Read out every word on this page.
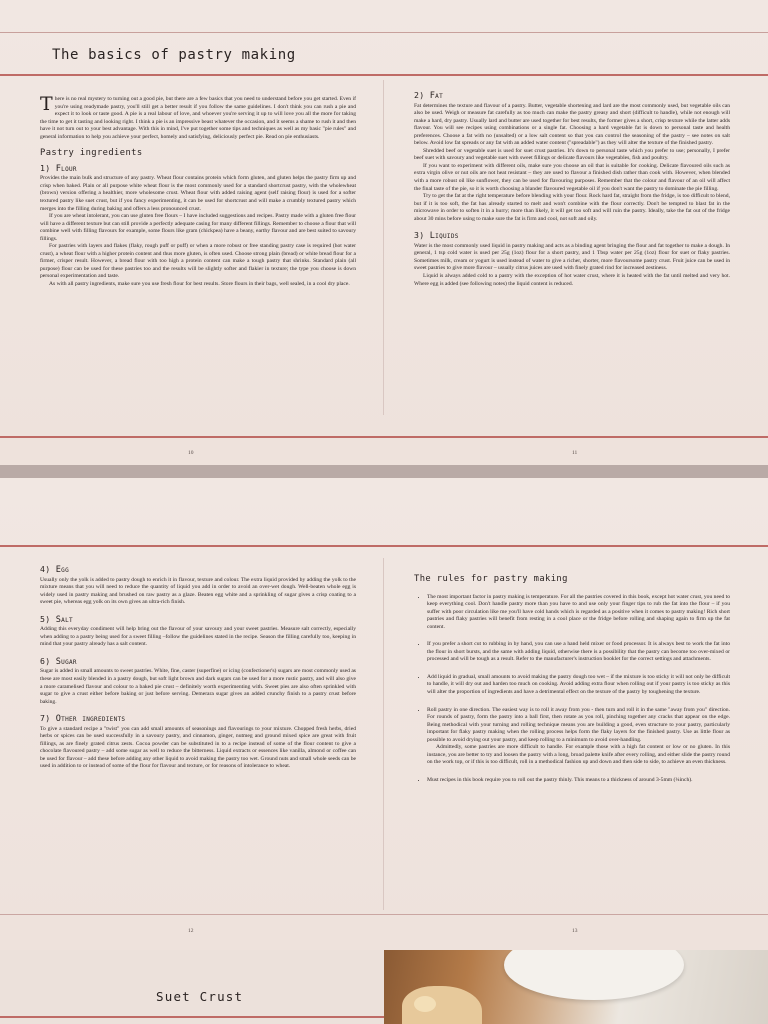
The basics of pastry making

There is no real mystery to turning out a good pie, but there are a few basics that you need to understand before you get started. Even if you're using readymade pastry, you'll still get a better result if you follow the same guidelines. I don't think you can rush a pie and expect it to look or taste good. A pie is a real labour of love, and whoever you're serving it up to will love you all the more for taking the time to get it tasting and looking right. I think a pie is an impressive beast whatever the occasion, and it seems a shame to rush it and then have it not turn out to your best advantage. With this in mind, I've put together some tips and techniques as well as my basic "pie rules" and general information to help you achieve your perfect, homely and satisfying, deliciously perfect pie. Read on pie enthusiasts.

Pastry ingredients
1) Flour

Provides the main bulk and structure of any pastry. Wheat flour contains protein which form gluten, and gluten helps the pastry firm up and crisp when baked. Plain or all purpose white wheat flour is the most commonly used for a standard shortcrust pastry, with the wholewheat (brown) version offering a healthier, more wholesome crust. Wheat flour with added raising agent (self raising flour) is used for a softer textured pastry like suet crust, but if you fancy experimenting, it can be used for shortcrust and will make a crumbly textured pastry which merges into the filling during baking and offers a less pronounced crust.

If you are wheat intolerant, you can use gluten free flours – I have included suggestions and recipes. Pastry made with a gluten free flour will have a different texture but can still provide a perfectly adequate casing for many different fillings. Remember to choose a flour that will combine well with filling flavours for example, some flours like gram (chickpea) have a beany, earthy flavour and are best suited to savoury fillings.

For pastries with layers and flakes (flaky, rough puff or puff) or when a more robust or free standing pastry case is required (hot water crust), a wheat flour with a higher protein content and thus more gluten, is often used. Choose strong plain (bread) or white bread flour for a firmer, crisper result. However, a bread flour with too high a protein content can make a tough pastry that shrinks. Standard plain (all purpose) flour can be used for these pastries too and the results will be slightly softer and flakier in texture; the type you choose is down personal experimentation and taste.

As with all pastry ingredients, make sure you use fresh flour for best results. Store flours in their bags, well sealed, in a cool dry place.

2) Fat

Fat determines the texture and flavour of a pastry. Butter, vegetable shortening and lard are the most commonly used, but vegetable oils can also be used. Weigh or measure fat carefully as too much can make the pastry greasy and short (difficult to handle), while not enough will make a hard, dry pastry. Usually lard and butter are used together for best results, the former gives a short, crisp texture while the latter adds flavour. You will see recipes using combinations or a single fat. Choosing a hard vegetable fat is down to personal taste and health preferences. Choose a fat with no (unsalted) or a low salt content so that you can control the seasoning of the pastry – see notes on salt below. Avoid low fat spreads or any fat with an added water content ("spreadable") as they will alter the texture of the finished pastry.

Shredded beef or vegetable suet is used for suet crust pastries. It's down to personal taste which you prefer to use; personally, I prefer beef suet with savoury and vegetable suet with sweet fillings or delicate flavours like vegetables, fish and poultry.

If you want to experiment with different oils, make sure you choose an oil that is suitable for cooking. Delicate flavoured oils such as extra virgin olive or nut oils are not heat resistant – they are used to flavour a finished dish rather than cook with. However, when blended with a more robust oil like sunflower, they can be used for flavouring purposes. Remember that the colour and flavour of an oil will affect the final taste of the pie, so it is worth choosing a blander flavoured vegetable oil if you don't want the pastry to dominate the pie filling.

Try to get the fat at the right temperature before blending with your flour. Rock hard fat, straight from the fridge, is too difficult to blend, but if it is too soft, the fat has already started to melt and won't combine with the flour correctly. Don't be tempted to blast fat in the microwave in order to soften it in a hurry; more than likely, it will get too soft and will ruin the pastry. Ideally, take the fat out of the fridge about 30 mins before using to make sure the fat is firm and cool, not soft and oily.

3) Liquids

Water is the most commonly used liquid in pastry making and acts as a binding agent bringing the flour and fat together to make a dough. In general, 1 tsp cold water is used per 25g (1oz) flour for a short pastry, and 1 Tbsp water per 25g (1oz) flour for suet or flaky pastries. Sometimes milk, cream or yogurt is used instead of water to give a richer, shorter, more flavoursome pastry crust. Fruit juice can be used in sweet pastries to give more flavour – usually citrus juices are used with finely grated rind for increased zestiness.

Liquid is always added cold to a pastry with the exception of hot water crust, where it is heated with the fat until melted and very hot. Where egg is added (see following notes) the liquid content is reduced.

10	11
4) Egg

Usually only the yolk is added to pastry dough to enrich it in flavour, texture and colour. The extra liquid provided by adding the yolk to the mixture means that you will need to reduce the quantity of liquid you add in order to avoid an over-wet dough. Well-beaten whole egg is widely used in pastry making and brushed on raw pastry as a glaze. Beaten egg white and a sprinkling of sugar gives a crisp coating to a sweet pie, whereas egg yolk on its own gives an ultra-rich finish.

5) Salt

Adding this everyday condiment will help bring out the flavour of your savoury and your sweet pastries. Measure salt correctly, especially when adding to a pastry being used for a sweet filling –follow the guidelines stated in the recipe. Season the filling carefully too, keeping in mind that your pastry already has a salt content.

6) Sugar

Sugar is added in small amounts to sweet pastries. White, fine, caster (superfine) or icing (confectioner's) sugars are most commonly used as these are most easily blended in a pastry dough, but soft light brown and dark sugars can be used for a more rustic pastry, and will also give a more caramelised flavour and colour to a baked pie crust – definitely worth experimenting with. Sweet pies are also often sprinkled with sugar to give a crust either before baking or just before serving. Demerara sugar gives an added crunchy finish to a pastry crust before baking.

7) Other ingredients

To give a standard recipe a "twist" you can add small amounts of seasonings and flavourings to your mixture. Chopped fresh herbs, dried herbs or spices can be used successfully in a savoury pastry, and cinnamon, ginger, nutmeg and ground mixed spice are great with fruit fillings, as are finely grated citrus zests. Cocoa powder can be substituted in to a recipe instead of some of the flour content to give a chocolate flavoured pastry – add some sugar as well to reduce the bitterness. Liquid extracts or essences like vanilla, almond or coffee can be used for flavour – add these before adding any other liquid to avoid making the pastry too wet. Ground nuts and small whole seeds can be used in addition to or instead of some of the flour for flavour and texture, or for reasons of intolerance to wheat.

The rules for pastry making
• The most important factor in pastry making is temperature. For all the pastries covered in this book, except hot water crust, you need to keep everything cool. Don't handle pastry more than you have to and use only your finger tips to rub the fat into the flour – if you suffer with poor circulation like me you'll have cold hands which is regarded as a positive when it comes to pastry making! Rich short pastries and flaky pastries will benefit from resting in a cool place or the fridge before rolling and shaping again to firm up the fat content.
• If you prefer a short cut to rubbing in by hand, you can use a hand held mixer or food processor. It is always best to work the fat into the flour in short bursts, and the same with adding liquid, otherwise there is a possibility that the pastry can become too over-mixed or processed and will be tough as a result. Refer to the manufacturer's instruction booklet for the correct settings and attachments.
• Add liquid in gradual, small amounts to avoid making the pastry dough too wet – if the mixture is too sticky it will not only be difficult to handle, it will dry out and harden too much on cooking. Avoid adding extra flour when rolling out if your pastry is too sticky as this will alter the proportion of ingredients and have a detrimental effect on the texture of the pastry by toughening the texture.
• Roll pastry in one direction. The easiest way is to roll it away from you - then turn and roll it in the same "away from you" direction. For rounds of pastry, form the pastry into a ball first, then rotate as you roll, pinching together any cracks that appear on the edge. Being methodical with your turning and rolling technique means you are building a good, even structure to your pastry, particularly important for flaky pastry making when the rolling process helps form the flaky layers for the finished pastry. Use as little flour as possible to avoid drying out your pastry, and keep rolling to a minimum to avoid over-handling.

Admittedly, some pastries are more difficult to handle. For example those with a high fat content or low or no gluten. In this instance, you are better to try and loosen the pastry with a long, broad palette knife after every rolling, and either slide the pastry round on the work top, or if this is too difficult, roll in a methodical fashion up and down and then side to side, to achieve an even thickness.

• Must recipes in this book require you to roll out the pastry thinly. This means to a thickness of around 3-5mm (¼inch).
12	13
Suet Crust
